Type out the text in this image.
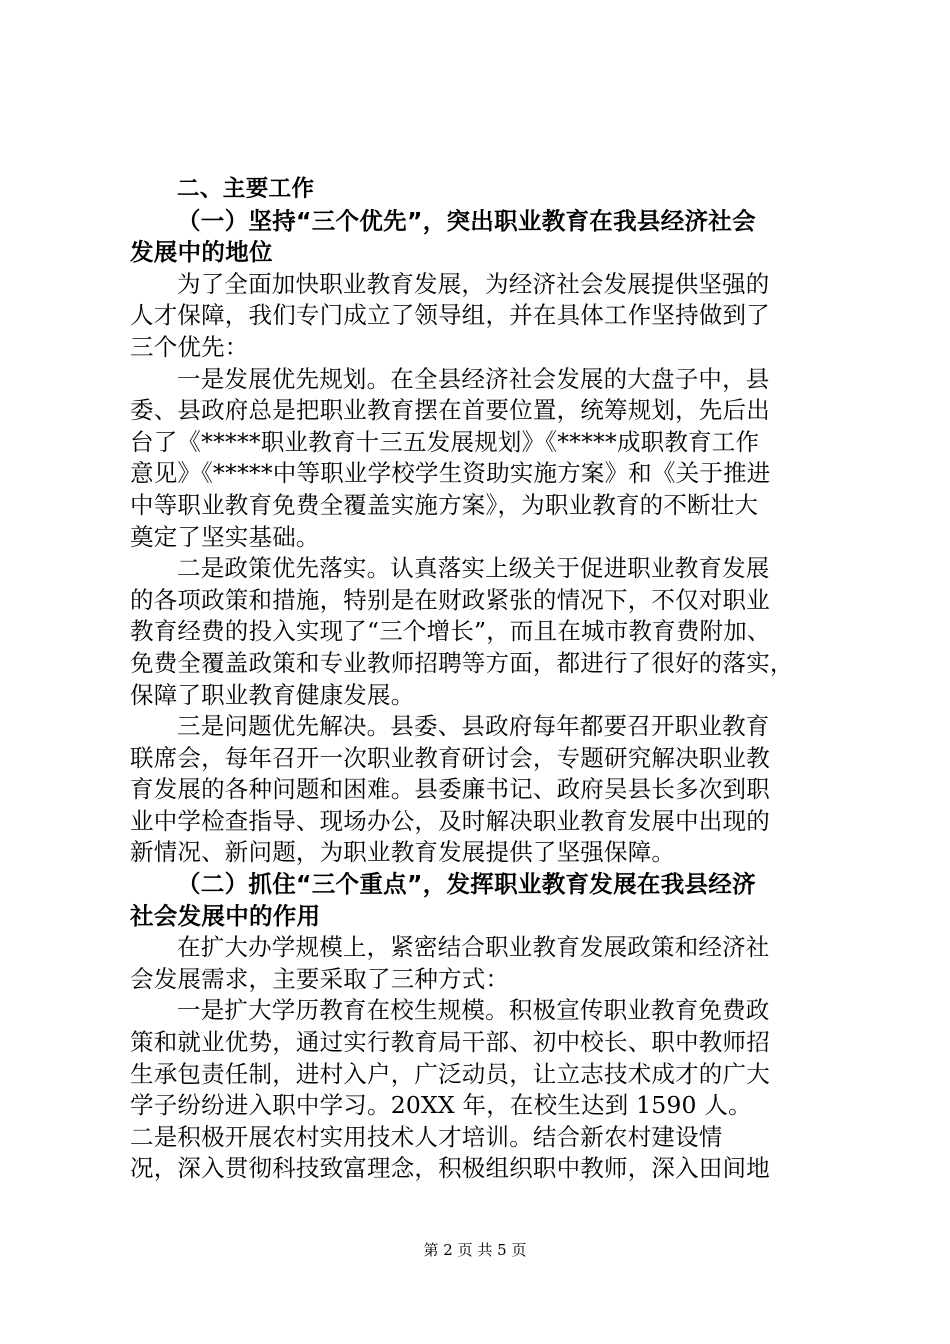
二、主要工作
（一）坚持“三个优先”，突出职业教育在我县经济社会
发展中的地位
为了全面加快职业教育发展，为经济社会发展提供坚强的
人才保障，我们专门成立了领导组，并在具体工作坚持做到了
三个优先：
一是发展优先规划。在全县经济社会发展的大盘子中，县
委、县政府总是把职业教育摆在首要位置，统筹规划，先后出
台了《*****职业教育十三五发展规划》《*****成职教育工作
意见》《*****中等职业学校学生资助实施方案》和《关于推进
中等职业教育免费全覆盖实施方案》，为职业教育的不断壮大
奠定了坚实基础。
二是政策优先落实。认真落实上级关于促进职业教育发展
的各项政策和措施，特别是在财政紧张的情况下，不仅对职业
教育经费的投入实现了“三个增长”，而且在城市教育费附加、
免费全覆盖政策和专业教师招聘等方面，都进行了很好的落实，
保障了职业教育健康发展。
三是问题优先解决。县委、县政府每年都要召开职业教育
联席会，每年召开一次职业教育研讨会，专题研究解决职业教
育发展的各种问题和困难。县委廉书记、政府吴县长多次到职
业中学检查指导、现场办公，及时解决职业教育发展中出现的
新情况、新问题，为职业教育发展提供了坚强保障。
（二）抓住“三个重点”，发挥职业教育发展在我县经济
社会发展中的作用
在扩大办学规模上，紧密结合职业教育发展政策和经济社
会发展需求，主要采取了三种方式：
一是扩大学历教育在校生规模。积极宣传职业教育免费政
策和就业优势，通过实行教育局干部、初中校长、职中教师招
生承包责任制，进村入户，广泛动员，让立志技术成才的广大
学子纷纷进入职中学习。20XX 年，在校生达到 1590 人。
二是积极开展农村实用技术人才培训。结合新农村建设情
况，深入贯彻科技致富理念，积极组织职中教师，深入田间地
第 2 页 共 5 页
